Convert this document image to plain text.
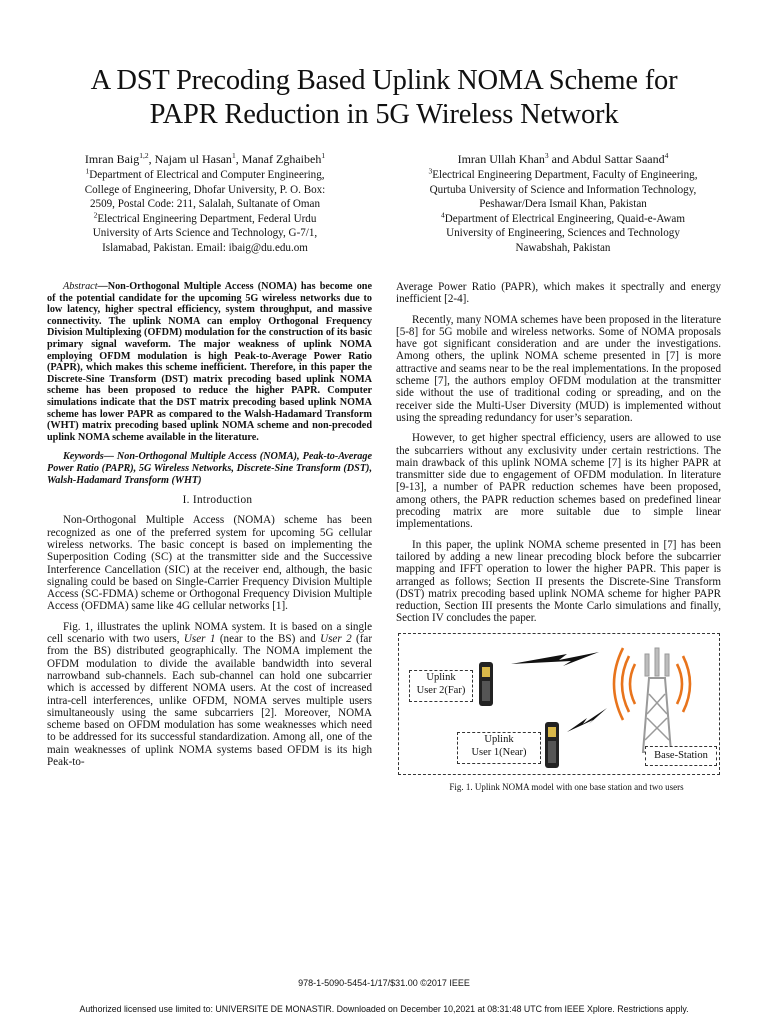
A DST Precoding Based Uplink NOMA Scheme for
PAPR Reduction in 5G Wireless Network
Imran Baig$^{1,2}$, Najam ul Hasan$^1$, Manaf Zghaibeh$^1$
$^1$Department of Electrical and Computer Engineering,
College of Engineering, Dhofar University, P. O. Box:
2509, Postal Code: 211, Salalah, Sultanate of Oman
$^2$Electrical Engineering Department, Federal Urdu
University of Arts Science and Technology, G-7/1,
Islamabad, Pakistan. Email: ibaig@du.edu.om
Imran Ullah Khan$^3$ and Abdul Sattar Saand$^4$
$^3$Electrical Engineering Department, Faculty of Engineering,
Qurtuba University of Science and Information Technology,
Peshawar/Dera Ismail Khan, Pakistan
$^4$Department of Electrical Engineering, Quaid-e-Awam
University of Engineering, Sciences and Technology
Nawabshah, Pakistan

Abstract—Non-Orthogonal Multiple Access (NOMA) has become one of the potential candidate for the upcoming 5G wireless networks due to low latency, higher spectral efficiency, system throughput, and massive connectivity. The uplink NOMA can employ Orthogonal Frequency Division Multiplexing (OFDM) modulation for the construction of its basic primary signal waveform. The major weakness of uplink NOMA employing OFDM modulation is high Peak-to-Average Power Ratio (PAPR), which makes this scheme inefficient. Therefore, in this paper the Discrete-Sine Transform (DST) matrix precoding based uplink NOMA scheme has been proposed to reduce the higher PAPR. Computer simulations indicate that the DST matrix precoding based uplink NOMA scheme has lower PAPR as compared to the Walsh-Hadamard Transform (WHT) matrix precoding based uplink NOMA scheme and non-precoded uplink NOMA scheme available in the literature.

Keywords— Non-Orthogonal Multiple Access (NOMA), Peak-to-Average Power Ratio (PAPR), 5G Wireless Networks, Discrete-Sine Transform (DST), Walsh-Hadamard Transform (WHT)

I. Introduction

Non-Orthogonal Multiple Access (NOMA) scheme has been recognized as one of the preferred system for upcoming 5G cellular wireless networks. The basic concept is based on implementing the Superposition Coding (SC) at the transmitter side and the Successive Interference Cancellation (SIC) at the receiver end, although, the basic signaling could be based on Single-Carrier Frequency Division Multiple Access (SC-FDMA) scheme or Orthogonal Frequency Division Multiple Access (OFDMA) same like 4G cellular networks [1].

Fig. 1, illustrates the uplink NOMA system. It is based on a single cell scenario with two users, User 1 (near to the BS) and User 2 (far from the BS) distributed geographically. The NOMA implement the OFDM modulation to divide the available bandwidth into several narrowband sub-channels. Each sub-channel can hold one subcarrier which is accessed by different NOMA users. At the cost of increased intra-cell interferences, unlike OFDM, NOMA serves multiple users simultaneously using the same subcarriers [2]. Moreover, NOMA scheme based on OFDM modulation has some weaknesses which need to be addressed for its successful standardization. Among all, one of the main weaknesses of uplink NOMA systems based OFDM is its high Peak-to-

Average Power Ratio (PAPR), which makes it spectrally and energy inefficient [2-4].

Recently, many NOMA schemes have been proposed in the literature [5-8] for 5G mobile and wireless networks. Some of NOMA proposals have got significant consideration and are under the investigations. Among others, the uplink NOMA scheme presented in [7] is more attractive and seams near to be the real implementations. In the proposed scheme [7], the authors employ OFDM modulation at the transmitter side without the use of traditional coding or spreading, and on the receiver side the Multi-User Diversity (MUD) is implemented without using the spreading redundancy for user’s separation.

However, to get higher spectral efficiency, users are allowed to use the subcarriers without any exclusivity under certain restrictions. The main drawback of this uplink NOMA scheme [7] is its higher PAPR at transmitter side due to engagement of OFDM modulation. In literature [9-13], a number of PAPR reduction schemes have been proposed, among others, the PAPR reduction schemes based on predefined linear precoding matrix are more suitable due to simple linear implementations.

In this paper, the uplink NOMA scheme presented in [7] has been tailored by adding a new linear precoding block before the subcarrier mapping and IFFT operation to lower the higher PAPR. This paper is arranged as follows; Section II presents the Discrete-Sine Transform (DST) matrix precoding based uplink NOMA scheme for higher PAPR reduction, Section III presents the Monte Carlo simulations and finally, Section IV concludes the paper.

Uplink
User 2(Far)
Uplink
User 1(Near)	Base-Station

Fig. 1. Uplink NOMA model with one base station and two users

978-1-5090-5454-1/17/$31.00 ©2017 IEEE
Authorized licensed use limited to: UNIVERSITE DE MONASTIR. Downloaded on December 10,2021 at 08:31:48 UTC from IEEE Xplore. Restrictions apply.
